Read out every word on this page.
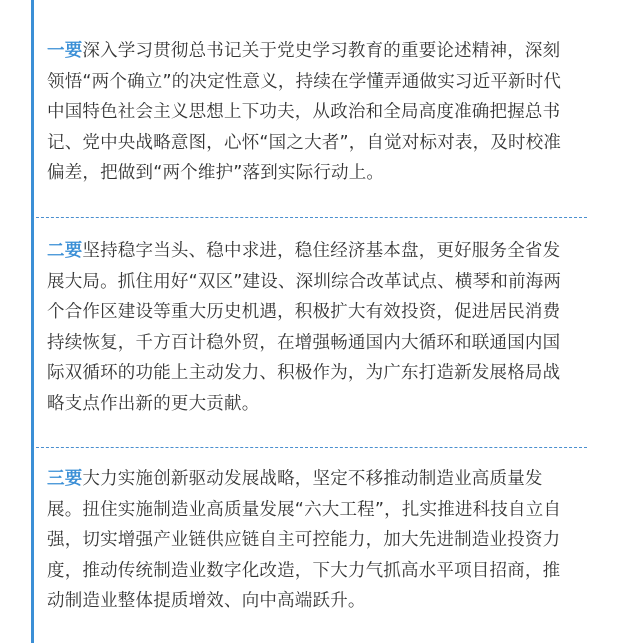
一要深入学习贯彻总书记关于党史学习教育的重要论述精神，深刻领悟“两个确立”的决定性意义，持续在学懂弄通做实习近平新时代中国特色社会主义思想上下功夫，从政治和全局高度准确把握总书记、党中央战略意图，心怀“国之大者”，自觉对标对表，及时校准偏差，把做到“两个维护”落到实际行动上。

二要坚持稳字当头、稳中求进，稳住经济基本盘，更好服务全省发展大局。抓住用好“双区”建设、深圳综合改革试点、横琴和前海两个合作区建设等重大历史机遇，积极扩大有效投资，促进居民消费持续恢复，千方百计稳外贸，在增强畅通国内大循环和联通国内国际双循环的功能上主动发力、积极作为，为广东打造新发展格局战略支点作出新的更大贡献。

三要大力实施创新驱动发展战略，坚定不移推动制造业高质量发展。扭住实施制造业高质量发展“六大工程”，扎实推进科技自立自强，切实增强产业链供应链自主可控能力，加大先进制造业投资力度，推动传统制造业数字化改造，下大力气抓高水平项目招商，推动制造业整体提质增效、向中高端跃升。
